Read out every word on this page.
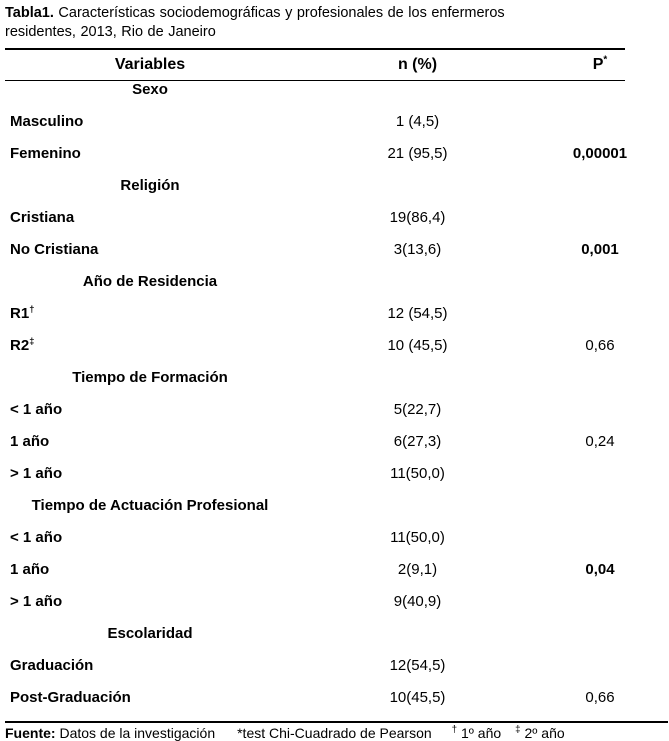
Tabla1. Características sociodemográficas y profesionales de los enfermeros
residentes, 2013, Rio de Janeiro
Variables	n (%)	P*
Sexo
Masculino	1 (4,5)
Femenino	21 (95,5)	0,00001
Religión
Cristiana	19(86,4)
No Cristiana	3(13,6)	0,001
Año de Residencia
R1†	12 (54,5)
R2‡	10 (45,5)	0,66
Tiempo de Formación
< 1 año	5(22,7)
1 año	6(27,3)	0,24
> 1 año	11(50,0)
Tiempo de Actuación Profesional
< 1 año	11(50,0)
1 año	2(9,1)	0,04
> 1 año	9(40,9)
Escolaridad
Graduación	12(54,5)
Post-Graduación	10(45,5)	0,66
Fuente: Datos de la investigación	*test Chi-Cuadrado de Pearson	† 1º año	‡ 2º año
